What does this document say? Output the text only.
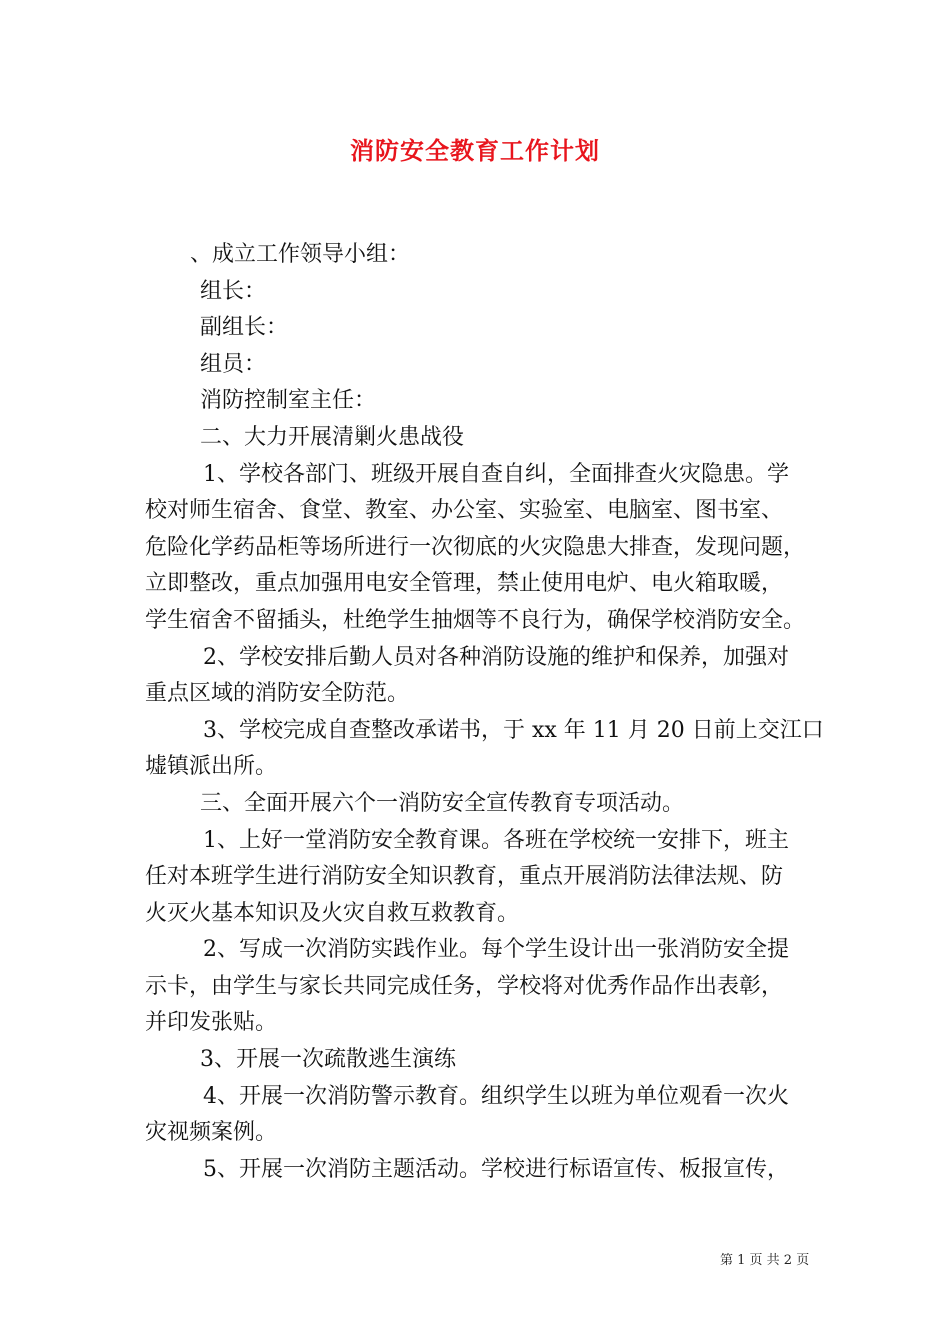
消防安全教育工作计划
、成立工作领导小组：
组长：
副组长：
组员：
消防控制室主任：
二、大力开展清剿火患战役
1、学校各部门、班级开展自查自纠，全面排查火灾隐患。学
校对师生宿舍、食堂、教室、办公室、实验室、电脑室、图书室、
危险化学药品柜等场所进行一次彻底的火灾隐患大排查，发现问题，
立即整改，重点加强用电安全管理，禁止使用电炉、电火箱取暖，
学生宿舍不留插头，杜绝学生抽烟等不良行为，确保学校消防安全。
2、学校安排后勤人员对各种消防设施的维护和保养，加强对
重点区域的消防安全防范。
3、学校完成自查整改承诺书，于 xx 年 11 月 20 日前上交江口
墟镇派出所。
三、全面开展六个一消防安全宣传教育专项活动。
1、上好一堂消防安全教育课。各班在学校统一安排下，班主
任对本班学生进行消防安全知识教育，重点开展消防法律法规、防
火灭火基本知识及火灾自救互救教育。
2、写成一次消防实践作业。每个学生设计出一张消防安全提
示卡，由学生与家长共同完成任务，学校将对优秀作品作出表彰，
并印发张贴。
3、开展一次疏散逃生演练
4、开展一次消防警示教育。组织学生以班为单位观看一次火
灾视频案例。
5、开展一次消防主题活动。学校进行标语宣传、板报宣传，
第 1 页 共 2 页
